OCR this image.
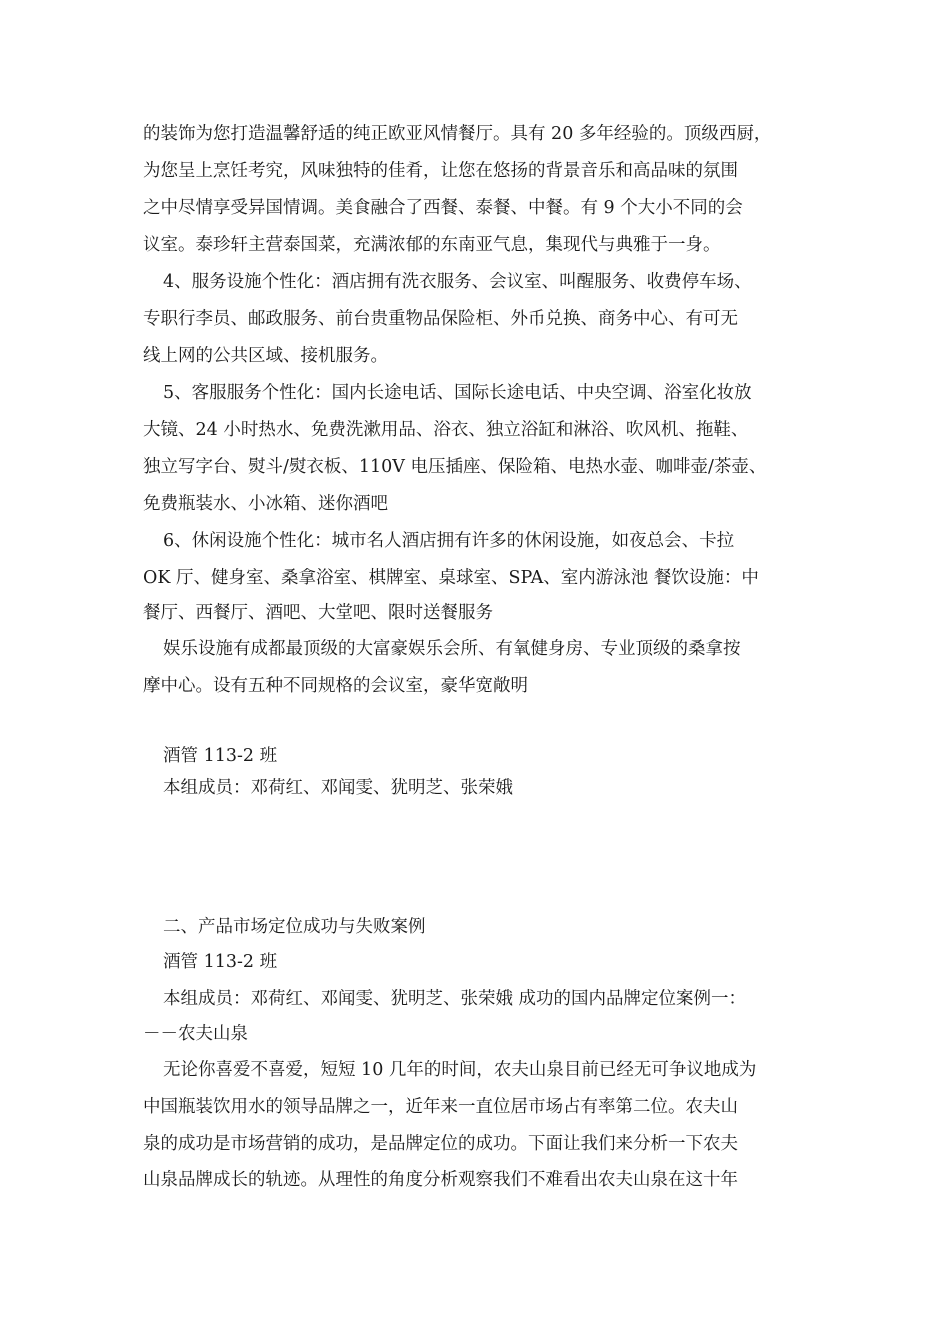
的装饰为您打造温馨舒适的纯正欧亚风情餐厅。具有 20 多年经验的。顶级西厨，
为您呈上烹饪考究，风味独特的佳肴，让您在悠扬的背景音乐和高品味的氛围
之中尽情享受异国情调。美食融合了西餐、泰餐、中餐。有 9 个大小不同的会
议室。泰珍轩主营泰国菜，充满浓郁的东南亚气息，集现代与典雅于一身。
4、服务设施个性化：酒店拥有洗衣服务、会议室、叫醒服务、收费停车场、
专职行李员、邮政服务、前台贵重物品保险柜、外币兑换、商务中心、有可无
线上网的公共区域、接机服务。
5、客服服务个性化：国内长途电话、国际长途电话、中央空调、浴室化妆放
大镜、24 小时热水、免费洗漱用品、浴衣、独立浴缸和淋浴、吹风机、拖鞋、
独立写字台、熨斗/熨衣板、110V 电压插座、保险箱、电热水壶、咖啡壶/茶壶、
免费瓶装水、小冰箱、迷你酒吧
6、休闲设施个性化：城市名人酒店拥有许多的休闲设施，如夜总会、卡拉
OK 厅、健身室、桑拿浴室、棋牌室、桌球室、SPA、室内游泳池 餐饮设施：中
餐厅、西餐厅、酒吧、大堂吧、限时送餐服务
娱乐设施有成都最顶级的大富豪娱乐会所、有氧健身房、专业顶级的桑拿按
摩中心。设有五种不同规格的会议室，豪华宽敞明
酒管 113-2 班
本组成员：邓荷红、邓闻雯、犹明芝、张荣娥
二、产品市场定位成功与失败案例
酒管 113-2 班
本组成员：邓荷红、邓闻雯、犹明芝、张荣娥 成功的国内品牌定位案例一：
－－农夫山泉
无论你喜爱不喜爱，短短 10 几年的时间，农夫山泉目前已经无可争议地成为
中国瓶装饮用水的领导品牌之一，近年来一直位居市场占有率第二位。农夫山
泉的成功是市场营销的成功，是品牌定位的成功。下面让我们来分析一下农夫
山泉品牌成长的轨迹。从理性的角度分析观察我们不难看出农夫山泉在这十年
